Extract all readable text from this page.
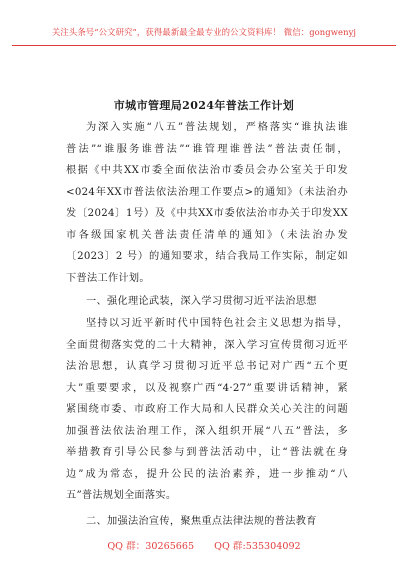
关注头条号“公文研究”，获得最新最全最专业的公文资料库！ 微信：gongwenyj
市城市管理局2024年普法工作计划
为深入实施“八五”普法规划，严格落实“谁执法谁
普法”“谁服务谁普法”“谁管理谁普法”普法责任制，
根据《中共XX市委全面依法治市委员会办公室关于印发
<024年XX市普法依法治理工作要点>的通知》（未法治办
发〔2024〕1号）及《中共XX市委依法治市办关于印发XX
市各级国家机关普法责任清单的通知》（未法治办发
〔2023〕2 号）的通知要求，结合我局工作实际，制定如
下普法工作计划。
一、强化理论武装，深入学习贯彻习近平法治思想
坚持以习近平新时代中国特色社会主义思想为指导，
全面贯彻落实党的二十大精神，深入学习宣传贯彻习近平
法治思想，认真学习贯彻习近平总书记对广西“五个更
大”重要要求，以及视察广西“4·27”重要讲话精神，紧
紧围绕市委、市政府工作大局和人民群众关心关注的问题
加强普法依法治理工作，深入组织开展“八五”普法，多
举措教育引导公民参与到普法活动中，让“普法就在身
边”成为常态，提升公民的法治素养，进一步推动“八
五”普法规划全面落实。
二、加强法治宣传，聚焦重点法律法规的普法教育
QQ 群：30265665 QQ 群:535304092
